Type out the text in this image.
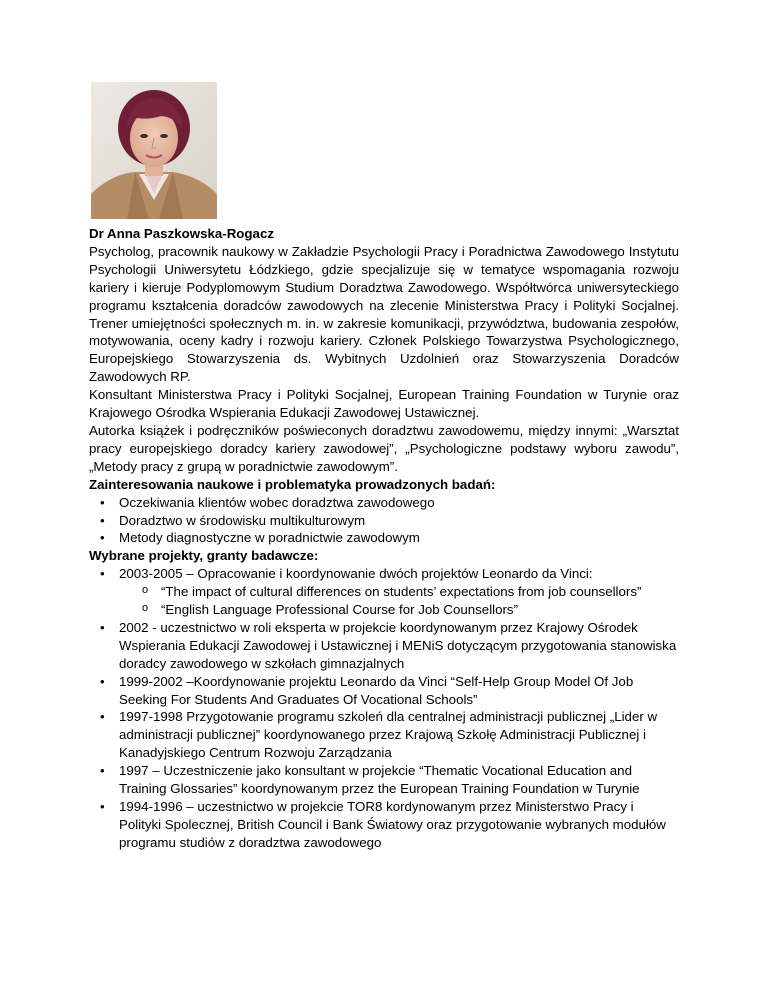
Dr Anna Paszkowska-Rogacz

Psycholog, pracownik naukowy w Zakładzie Psychologii Pracy i Poradnictwa Zawodowego Instytutu Psychologii Uniwersytetu Łódzkiego, gdzie specjalizuje się w tematyce wspomagania rozwoju kariery i kieruje Podyplomowym Studium Doradztwa Zawodowego. Współtwórca uniwersyteckiego programu kształcenia doradców zawodowych na zlecenie Ministerstwa Pracy i Polityki Socjalnej. Trener umiejętności społecznych m. in. w zakresie komunikacji, przywództwa, budowania zespołów, motywowania, oceny kadry i rozwoju kariery. Członek Polskiego Towarzystwa Psychologicznego, Europejskiego Stowarzyszenia ds. Wybitnych Uzdolnień oraz Stowarzyszenia Doradców Zawodowych RP.

Konsultant Ministerstwa Pracy i Polityki Socjalnej, European Training Foundation w Turynie oraz Krajowego Ośrodka Wspierania Edukacji Zawodowej Ustawicznej.

Autorka książek i podręczników poświeconych doradztwu zawodowemu, między innymi: „Warsztat pracy europejskiego doradcy kariery zawodowej”, „Psychologiczne podstawy wyboru zawodu”, „Metody pracy z grupą w poradnictwie zawodowym”.

Zainteresowania naukowe i problematyka prowadzonych badań:
• Oczekiwania klientów wobec doradztwa zawodowego
• Doradztwo w środowisku multikulturowym
• Metody diagnostyczne w poradnictwie zawodowym
Wybrane projekty, granty badawcze:
• 2003-2005 – Opracowanie i koordynowanie dwóch projektów Leonardo da Vinci:
o “The impact of cultural differences on students’ expectations from job counsellors”
o “English Language Professional Course for Job Counsellors”
• 2002 - uczestnictwo w roli eksperta w projekcie koordynowanym przez Krajowy Ośrodek Wspierania Edukacji Zawodowej i Ustawicznej i MENiS dotyczącym przygotowania stanowiska doradcy zawodowego w szkołach gimnazjalnych
• 1999-2002 –Koordynowanie projektu Leonardo da Vinci “Self-Help Group Model Of Job Seeking For Students And Graduates Of Vocational Schools”
• 1997-1998 Przygotowanie programu szkoleń dla centralnej administracji publicznej „Lider w administracji publicznej” koordynowanego przez Krajową Szkołę Administracji Publicznej i Kanadyjskiego Centrum Rozwoju Zarządzania
• 1997 – Uczestniczenie jako konsultant w projekcie “Thematic Vocational Education and Training Glossaries” koordynowanym przez the European Training Foundation w Turynie
• 1994-1996 – uczestnictwo w projekcie TOR8 kordynowanym przez Ministerstwo Pracy i Polityki Spolecznej, British Council i Bank Światowy oraz przygotowanie wybranych modułów programu studiów z doradztwa zawodowego
